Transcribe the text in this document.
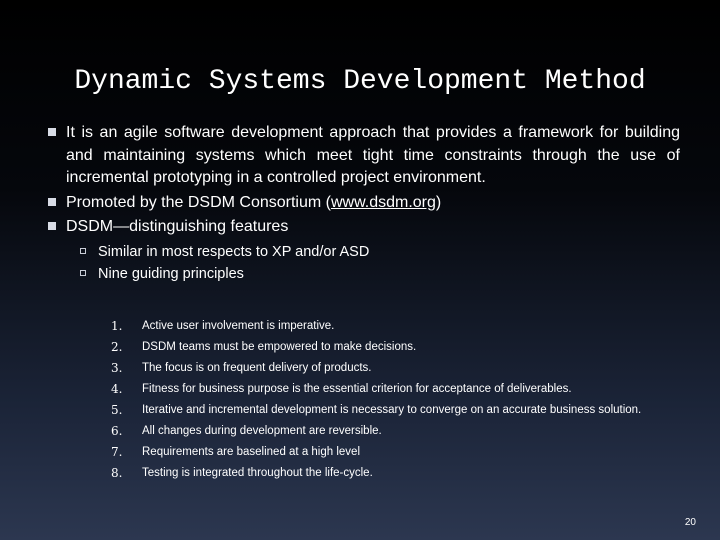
Dynamic Systems Development Method
It is an agile software development approach that provides a framework for building and maintaining systems which meet tight time constraints through the use of incremental prototyping in a controlled project environment.
Promoted by the DSDM Consortium (www.dsdm.org)
DSDM—distinguishing features
Similar in most respects to XP and/or ASD
Nine guiding principles
1. Active user involvement is imperative.
2. DSDM teams must be empowered to make decisions.
3. The focus is on frequent delivery of products.
4. Fitness for business purpose is the essential criterion for acceptance of deliverables.
5. Iterative and incremental development is necessary to converge on an accurate business solution.
6. All changes during development are reversible.
7. Requirements are baselined at a high level
8. Testing is integrated throughout the life-cycle.
20
